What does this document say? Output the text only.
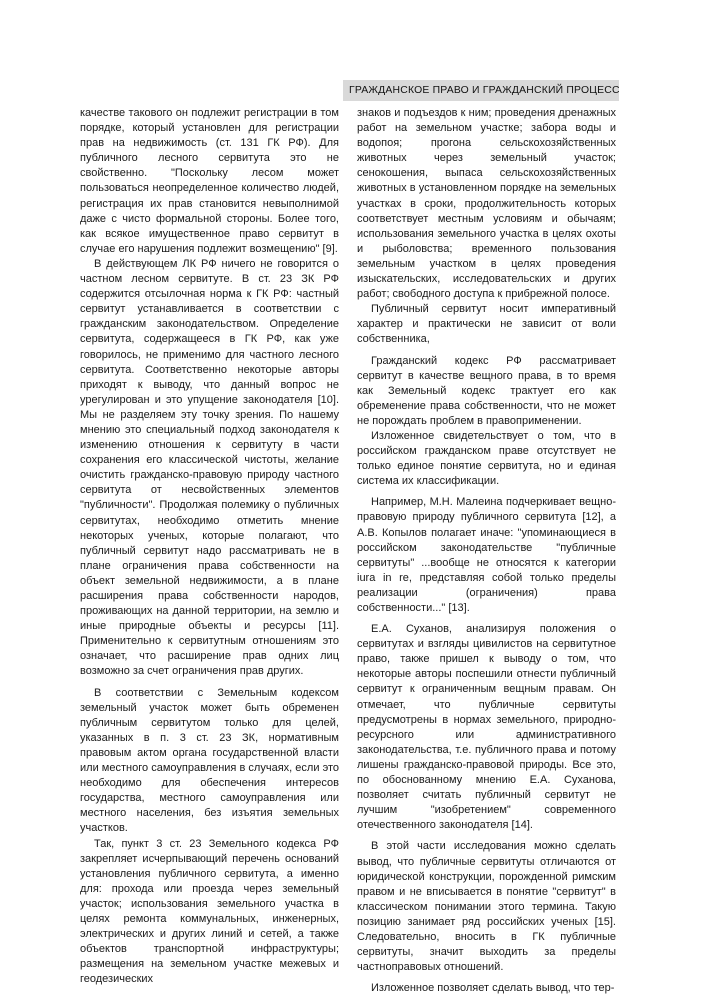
ГРАЖДАНСКОЕ ПРАВО И ГРАЖДАНСКИЙ ПРОЦЕСС

качестве такового он подлежит регистрации в том порядке, который установлен для регистрации прав на недвижимость (ст. 131 ГК РФ). Для публичного лесного сервитута это не свойственно. "Поскольку лесом может пользоваться неопределенное количество людей, регистрация их прав становится невыполнимой даже с чисто формальной стороны. Более того, как всякое имущественное право сервитут в случае его нарушения подлежит возмещению" [9].

В действующем ЛК РФ ничего не говорится о частном лесном сервитуте. В ст. 23 ЗК РФ содержится отсылочная норма к ГК РФ: частный сервитут устанавливается в соответствии с гражданским законодательством. Определение сервитута, содержащееся в ГК РФ, как уже говорилось, не применимо для частного лесного сервитута. Соответственно некоторые авторы приходят к выводу, что данный вопрос не урегулирован и это упущение законодателя [10]. Мы не разделяем эту точку зрения. По нашему мнению это специальный подход законодателя к изменению отношения к сервитуту в части сохранения его классической чистоты, желание очистить гражданско-правовую природу частного сервитута от несвойственных элементов "публичности". Продолжая полемику о публичных сервитутах, необходимо отметить мнение некоторых ученых, которые полагают, что публичный сервитут надо рассматривать не в плане ограничения права собственности на объект земельной недвижимости, а в плане расширения права собственности народов, проживающих на данной территории, на землю и иные природные объекты и ресурсы [11]. Применительно к сервитутным отношениям это означает, что расширение прав одних лиц возможно за счет ограничения прав других.

В соответствии с Земельным кодексом земельный участок может быть обременен публичным сервитутом только для целей, указанных в п. 3 ст. 23 ЗК, нормативным правовым актом органа государственной власти или местного самоуправления в случаях, если это необходимо для обеспечения интересов государства, местного самоуправления или местного населения, без изъятия земельных участков.

Так, пункт 3 ст. 23 Земельного кодекса РФ закрепляет исчерпывающий перечень оснований установления публичного сервитута, а именно для: прохода или проезда через земельный участок; использования земельного участка в целях ремонта коммунальных, инженерных, электрических и других линий и сетей, а также объектов транспортной инфраструктуры; размещения на земельном участке межевых и геодезических

знаков и подъездов к ним; проведения дренажных работ на земельном участке; забора воды и водопоя; прогона сельскохозяйственных животных через земельный участок; сенокошения, выпаса сельскохозяйственных животных в установленном порядке на земельных участках в сроки, продолжительность которых соответствует местным условиям и обычаям; использования земельного участка в целях охоты и рыболовства; временного пользования земельным участком в целях проведения изыскательских, исследовательских и других работ; свободного доступа к прибрежной полосе.

Публичный сервитут носит императивный характер и практически не зависит от воли собственника,

Гражданский кодекс РФ рассматривает сервитут в качестве вещного права, в то время как Земельный кодекс трактует его как обременение права собственности, что не может не порождать проблем в правоприменении.

Изложенное свидетельствует о том, что в российском гражданском праве отсутствует не только единое понятие сервитута, но и единая система их классификации.

Например, М.Н. Малеина подчеркивает вещно-правовую природу публичного сервитута [12], а А.В. Копылов полагает иначе: "упоминающиеся в российском законодательстве "публичные сервитуты" ...вообще не относятся к категории iura in re, представляя собой только пределы реализации (ограничения) права собственности..." [13].

Е.А. Суханов, анализируя положения о сервитутах и взгляды цивилистов на сервитутное право, также пришел к выводу о том, что некоторые авторы поспешили отнести публичный сервитут к ограниченным вещным правам. Он отмечает, что публичные сервитуты предусмотрены в нормах земельного, природно-ресурсного или административного законодательства, т.е. публичного права и потому лишены гражданско-правовой природы. Все это, по обоснованному мнению Е.А. Суханова, позволяет считать публичный сервитут не лучшим "изобретением" современного отечественного законодателя [14].

В этой части исследования можно сделать вывод, что публичные сервитуты отличаются от юридической конструкции, порожденной римским правом и не вписывается в понятие "сервитут" в классическом понимании этого термина. Такую позицию занимает ряд российских ученых [15]. Следовательно, вносить в ГК публичные сервитуты, значит выходить за пределы частноправовых отношений.

Изложенное позволяет сделать вывод, что тер-
